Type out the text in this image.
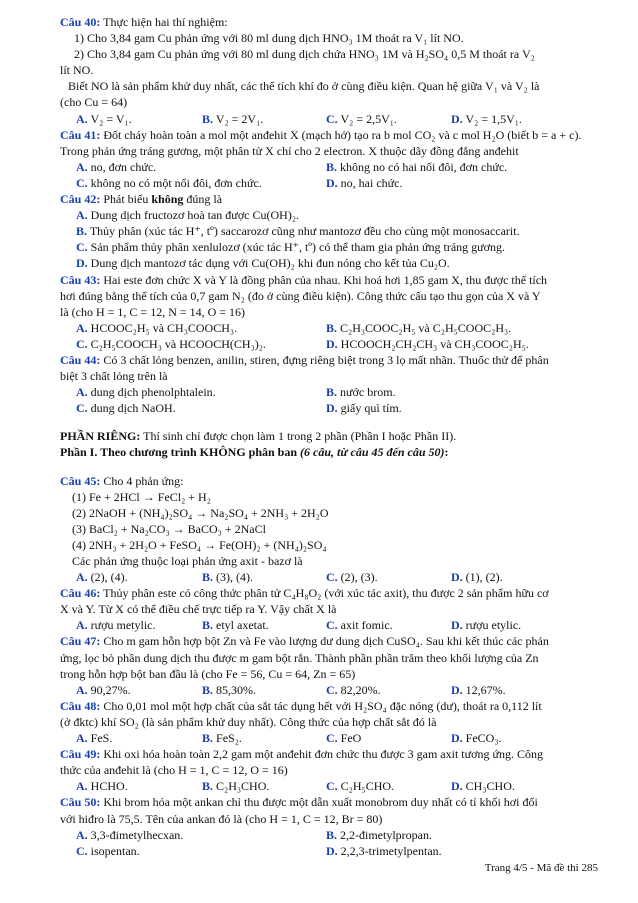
Câu 40: Thực hiện hai thí nghiệm:
1) Cho 3,84 gam Cu phản ứng với 80 ml dung dịch HNO₃ 1M thoát ra V₁ lít NO.
2) Cho 3,84 gam Cu phản ứng với 80 ml dung dịch chứa HNO₃ 1M và H₂SO₄ 0,5 M thoát ra V₂
lít NO.
Biết NO là sản phẩm khử duy nhất, các thể tích khí đo ở cùng điều kiện. Quan hệ giữa V₁ và V₂ là
(cho Cu = 64)
A. V₂ = V₁.	B. V₂ = 2V₁.	C. V₂ = 2,5V₁.	D. V₂ = 1,5V₁.
Câu 41: Đốt cháy hoàn toàn a mol một anđehit X (mạch hở) tạo ra b mol CO₂ và c mol H₂O (biết b = a + c).
Trong phản ứng tráng gương, một phân tử X chỉ cho 2 electron. X thuộc dãy đồng đẳng anđehit
A. no, đơn chức.	B. không no có hai nối đôi, đơn chức.
C. không no có một nối đôi, đơn chức.	D. no, hai chức.
Câu 42: Phát biểu không đúng là
A. Dung dịch fructozơ hoà tan được Cu(OH)₂.
B. Thủy phân (xúc tác H⁺, tº) saccarozơ cũng như mantozơ đều cho cùng một monosaccarit.
C. Sản phẩm thủy phân xenlulozơ (xúc tác H⁺, tº) có thể tham gia phản ứng tráng gương.
D. Dung dịch mantozơ tác dụng với Cu(OH)₂ khi đun nóng cho kết tủa Cu₂O.
Câu 43: Hai este đơn chức X và Y là đồng phân của nhau. Khi hoá hơi 1,85 gam X, thu được thể tích
hơi đúng bằng thể tích của 0,7 gam N₂ (đo ở cùng điều kiện). Công thức cấu tạo thu gọn của X và Y
là (cho H = 1, C = 12, N = 14, O = 16)
A. HCOOC₂H₅ và CH₃COOCH₃.	B. C₂H₃COOC₂H₅ và C₂H₅COOC₂H₃.
C. C₂H₅COOCH₃ và HCOOCH(CH₃)₂.	D. HCOOCH₂CH₂CH₃ và CH₃COOC₂H₅.
Câu 44: Có 3 chất lỏng benzen, anilin, stiren, đựng riêng biệt trong 3 lọ mất nhãn. Thuốc thử để phân
biệt 3 chất lỏng trên là
A. dung dịch phenolphtalein.	B. nước brom.
C. dung dịch NaOH.	D. giấy quì tím.
PHẦN RIÊNG: Thí sinh chỉ được chọn làm 1 trong 2 phần (Phần I hoặc Phần II).
Phần I. Theo chương trình KHÔNG phân ban (6 câu, từ câu 45 đến câu 50):
Câu 45: Cho 4 phản ứng:
(1) Fe + 2HCl → FeCl₂ + H₂
(2) 2NaOH + (NH₄)₂SO₄ → Na₂SO₄ + 2NH₃ + 2H₂O
(3) BaCl₂ + Na₂CO₃ → BaCO₃ + 2NaCl
(4) 2NH₃ + 2H₂O + FeSO₄ → Fe(OH)₂ + (NH₄)₂SO₄
Các phản ứng thuộc loại phản ứng axit - bazơ là
A. (2), (4).	B. (3), (4).	C. (2), (3).	D. (1), (2).
Câu 46: Thủy phân este có công thức phân tử C₄H₈O₂ (với xúc tác axit), thu được 2 sản phẩm hữu cơ
X và Y. Từ X có thể điều chế trực tiếp ra Y. Vậy chất X là
A. rượu metylic.	B. etyl axetat.	C. axit fomic.	D. rượu etylic.
Câu 47: Cho m gam hỗn hợp bột Zn và Fe vào lượng dư dung dịch CuSO₄. Sau khi kết thúc các phản
ứng, lọc bỏ phần dung dịch thu được m gam bột rắn. Thành phần phần trăm theo khối lượng của Zn
trong hỗn hợp bột ban đầu là (cho Fe = 56, Cu = 64, Zn = 65)
A. 90,27%.	B. 85,30%.	C. 82,20%.	D. 12,67%.
Câu 48: Cho 0,01 mol một hợp chất của sắt tác dụng hết với H₂SO₄ đặc nóng (dư), thoát ra 0,112 lít
(ở đktc) khí SO₂ (là sản phẩm khử duy nhất). Công thức của hợp chất sắt đó là
A. FeS.	B. FeS₂.	C. FeO	D. FeCO₃.
Câu 49: Khi oxi hóa hoàn toàn 2,2 gam một anđehit đơn chức thu được 3 gam axit tương ứng. Công
thức của anđehit là (cho H = 1, C = 12, O = 16)
A. HCHO.	B. C₂H₃CHO.	C. C₂H₅CHO.	D. CH₃CHO.
Câu 50: Khi brom hóa một ankan chỉ thu được một dẫn xuất monobrom duy nhất có tỉ khối hơi đối
với hiđro là 75,5. Tên của ankan đó là (cho H = 1, C = 12, Br = 80)
A. 3,3-đimetylhecxan.	B. 2,2-đimetylpropan.
C. isopentan.	D. 2,2,3-trimetylpentan.
Trang 4/5 - Mã đề thi 285
